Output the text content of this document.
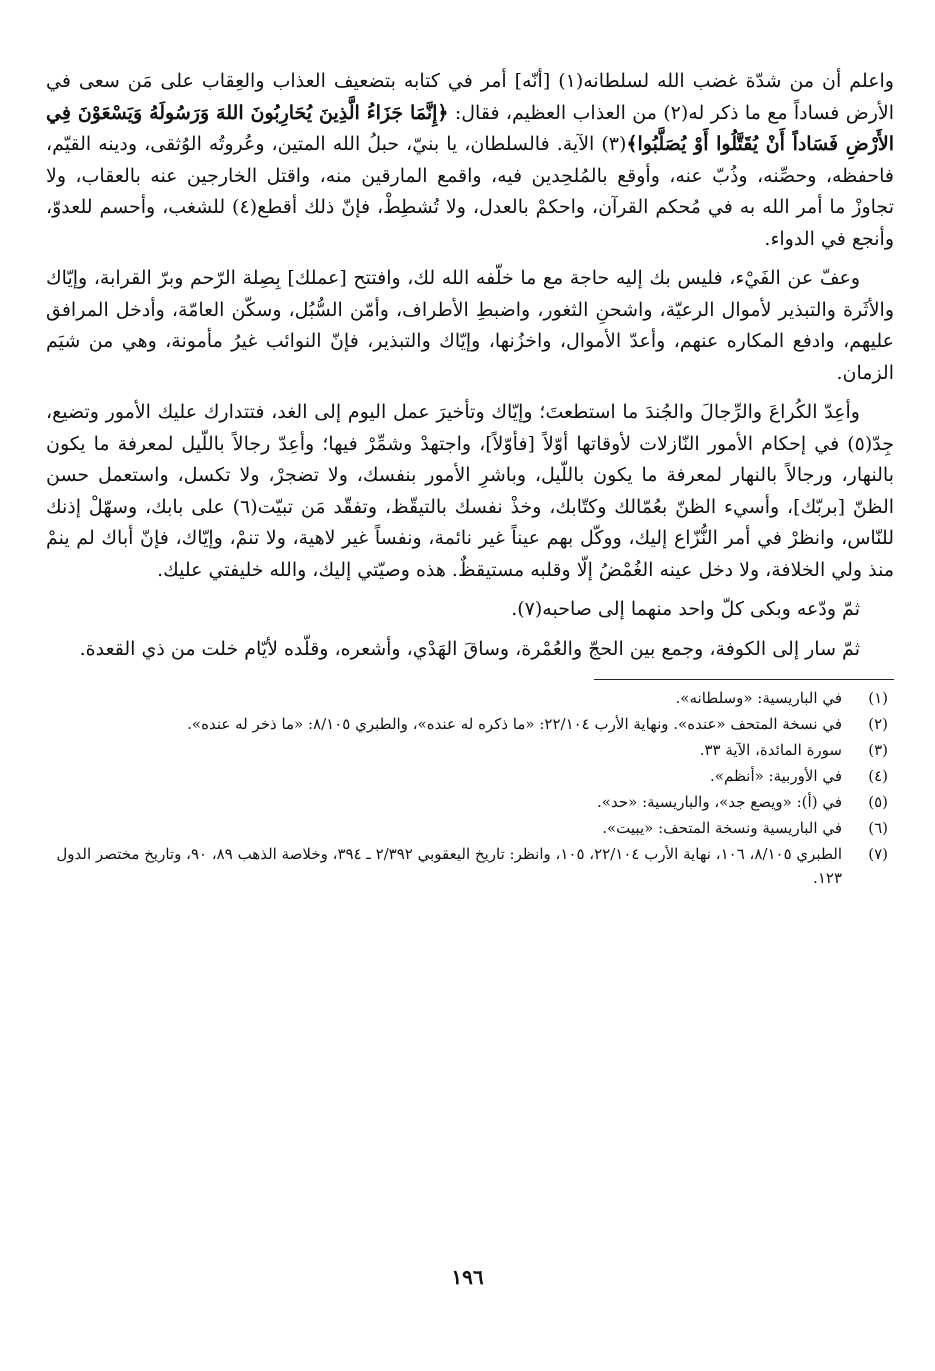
واعلم أن من شدّة غضب الله لسلطانه(١) [أنّه] أمر في كتابه بتضعيف العذاب والعِقاب على مَن سعى في الأرض فساداً مع ما ذكر له(٢) من العذاب العظيم، فقال: ﴿إِنَّمَا جَزَاءُ الَّذِينَ يُحَارِبُونَ اللهَ وَرَسُولَهُ وَيَسْعَوْنَ فِي الأَرْضِ فَسَاداً أَنْ يُقَتَّلُوا أَوْ يُصَلَّبُوا﴾(٣) الآية. فالسلطان، يا بنيّ، حبلُ الله المتين، وعُروتُه الوُثقى، ودينه القيّم، فاحفظه، وحصِّنه، وذُبّ عنه، وأوقع بالمُلحِدين فيه، واقمع المارقين منه، واقتل الخارجين عنه بالعقاب، ولا تجاوزْ ما أمر الله به في مُحكم القرآن، واحكمْ بالعدل، ولا تُشطِطْ، فإنّ ذلك أقطع(٤) للشغب، وأحسم للعدوّ، وأنجع في الدواء.

وعفّ عن الفَيْء، فليس بك إليه حاجة مع ما خلّفه الله لك، وافتتح [عملك] بِصِلة الرّحم وبرّ القرابة، وإيّاك والأثَرة والتبذير لأموال الرعيّة، واشحنِ الثغور، واضبطِ الأطراف، وأمّن السُّبُل، وسكّن العامّة، وأدخل المرافق عليهم، وادفع المكاره عنهم، وأعدّ الأموال، واخزُنها، وإيّاك والتبذير، فإنّ النوائب غيرُ مأمونة، وهي من شيَم الزمان.

وأعِدّ الكُراعَ والرِّجالَ والجُندَ ما استطعتَ؛ وإيّاك وتأخيرَ عمل اليوم إلى الغد، فتتدارك عليك الأمور وتضيع، جِدّ(٥) في إحكام الأمور النّازلات لأوقاتها أوّلاً [فأوّلاً]، واجتهدْ وشمِّرْ فيها؛ وأعِدّ رجالاً باللّيل لمعرفة ما يكون بالنهار، ورجالاً بالنهار لمعرفة ما يكون باللّيل، وباشرِ الأمور بنفسك، ولا تضجرْ، ولا تكسل، واستعمل حسن الظنّ [بربّك]، وأسيء الظنّ بعُمّالك وكتّابك، وخذْ نفسك بالتيقّظ، وتفقّد مَن تبيّت(٦) على بابك، وسهّلْ إذنك للنّاس، وانظرْ في أمر النُّزّاع إليك، ووكّل بهم عيناً غير نائمة، ونفساً غير لاهية، ولا تنمْ، وإيّاك، فإنّ أباك لم ينمْ منذ ولي الخلافة، ولا دخل عينه الغُمْضُ إلّا وقلبه مستيقظٌ. هذه وصيّتي إليك، والله خليفتي عليك.

ثمّ ودّعه وبكى كلّ واحد منهما إلى صاحبه(٧).

ثمّ سار إلى الكوفة، وجمع بين الحجّ والعُمْرة، وساقَ الهَدْي، وأشعره، وقلّده لأيّام خلت من ذي القعدة.

(١)
في الباريسية: «وسلطانه».
(٢)
في نسخة المتحف «عنده». ونهاية الأرب ٢٢/١٠٤: «ما ذكره له عنده»، والطبري ٨/١٠٥: «ما ذخر له عنده».
(٣)
سورة المائدة، الآية ٣٣.
(٤)
في الأوربية: «أنظم».
(٥)
في (أ): «ويصع جد»، والباريسية: «حد».
(٦)
في الباريسية ونسخة المتحف: «يبيت».
(٧)
الطبري ٨/١٠٥، ١٠٦، نهاية الأرب ٢٢/١٠٤، ١٠٥، وانظر: تاريخ اليعقوبي ٢/٣٩٢ ـ ٣٩٤، وخلاصة الذهب ٨٩، ٩٠، وتاريخ مختصر الدول ١٢٣.
١٩٦
